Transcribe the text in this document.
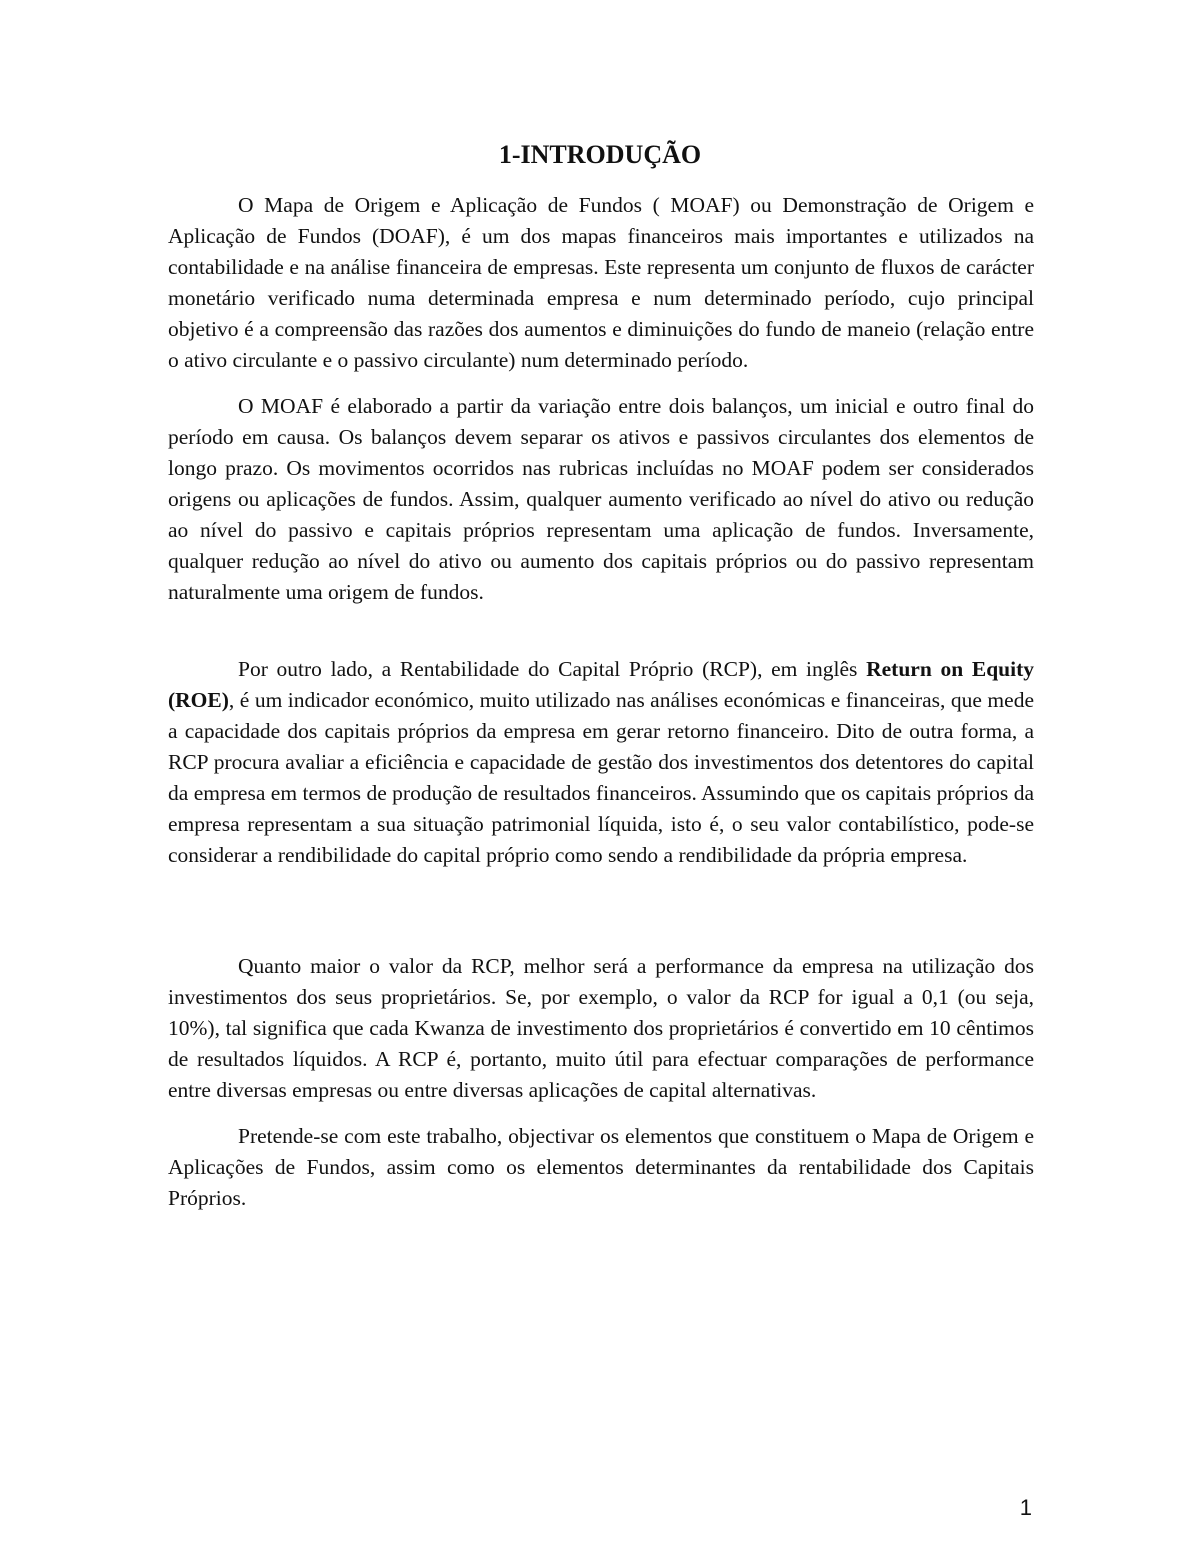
1-INTRODUÇÃO

O Mapa de Origem e Aplicação de Fundos ( MOAF) ou Demonstração de Origem e Aplicação de Fundos (DOAF), é um dos mapas financeiros mais importantes e utilizados na contabilidade e na análise financeira de empresas. Este representa um conjunto de fluxos de carácter monetário verificado numa determinada empresa e num determinado período, cujo principal objetivo é a compreensão das razões dos aumentos e diminuições do fundo de maneio (relação entre o ativo circulante e o passivo circulante) num determinado período.

O MOAF é elaborado a partir da variação entre dois balanços, um inicial e outro final do período em causa. Os balanços devem separar os ativos e passivos circulantes dos elementos de longo prazo. Os movimentos ocorridos nas rubricas incluídas no MOAF podem ser considerados origens ou aplicações de fundos. Assim, qualquer aumento verificado ao nível do ativo ou redução ao nível do passivo e capitais próprios representam uma aplicação de fundos. Inversamente, qualquer redução ao nível do ativo ou aumento dos capitais próprios ou do passivo representam naturalmente uma origem de fundos.

Por outro lado, a Rentabilidade do Capital Próprio (RCP), em inglês Return on Equity (ROE), é um indicador económico, muito utilizado nas análises económicas e financeiras, que mede a capacidade dos capitais próprios da empresa em gerar retorno financeiro. Dito de outra forma, a RCP procura avaliar a eficiência e capacidade de gestão dos investimentos dos detentores do capital da empresa em termos de produção de resultados financeiros. Assumindo que os capitais próprios da empresa representam a sua situação patrimonial líquida, isto é, o seu valor contabilístico, pode-se considerar a rendibilidade do capital próprio como sendo a rendibilidade da própria empresa.

Quanto maior o valor da RCP, melhor será a performance da empresa na utilização dos investimentos dos seus proprietários. Se, por exemplo, o valor da RCP for igual a 0,1 (ou seja, 10%), tal significa que cada Kwanza de investimento dos proprietários é convertido em 10 cêntimos de resultados líquidos. A RCP é, portanto, muito útil para efectuar comparações de performance entre diversas empresas ou entre diversas aplicações de capital alternativas.

Pretende-se com este trabalho, objectivar os elementos que constituem o Mapa de Origem e Aplicações de Fundos, assim como os elementos determinantes da rentabilidade dos Capitais Próprios.

1
